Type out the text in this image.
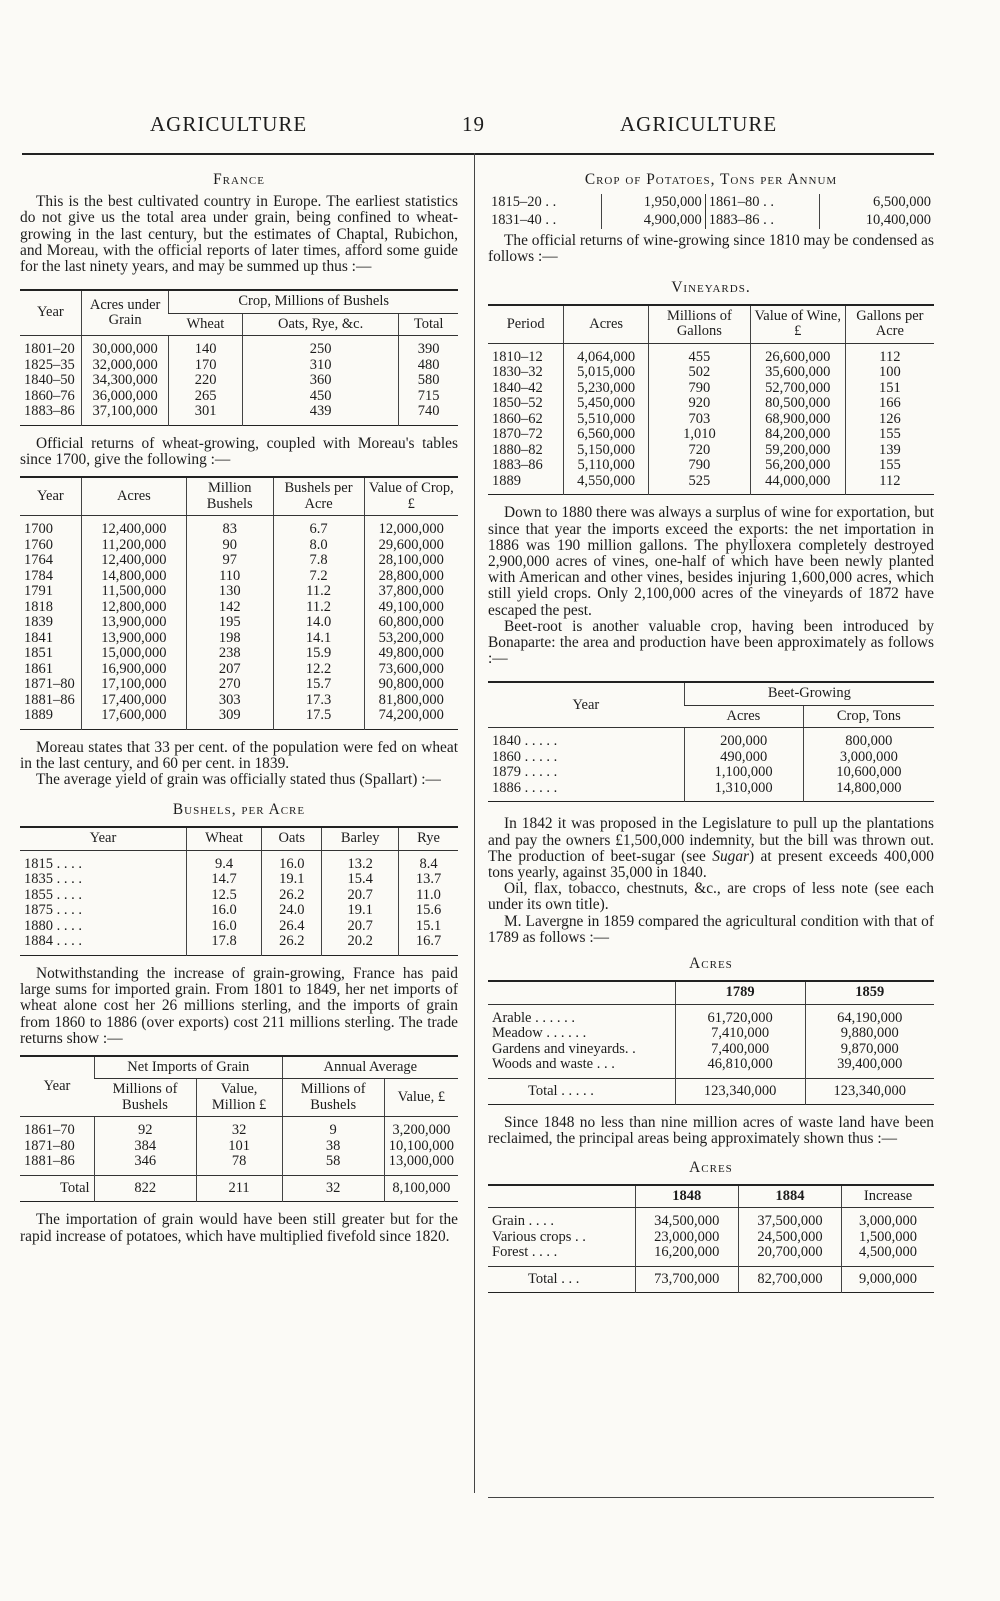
AGRICULTURE	19	AGRICULTURE
France

This is the best cultivated country in Europe. The earliest statistics do not give us the total area under grain, being confined to wheat-growing in the last century, but the estimates of Chaptal, Rubichon, and Moreau, with the official reports of later times, afford some guide for the last ninety years, and may be summed up thus :—

Year	Acres under Grain	Crop, Millions of Bushels		
		Wheat	Oats, Rye, &c.	Total
1801–20	30,000,000	140	250	390
1825–35	32,000,000	170	310	480
1840–50	34,300,000	220	360	580
1860–76	36,000,000	265	450	715
1883–86	37,100,000	301	439	740

Official returns of wheat-growing, coupled with Moreau's tables since 1700, give the following :—

Year	Acres	Million Bushels	Bushels per Acre	Value of Crop, £
1700	12,400,000	83	6.7	12,000,000
1760	11,200,000	90	8.0	29,600,000
1764	12,400,000	97	7.8	28,100,000
1784	14,800,000	110	7.2	28,800,000
1791	11,500,000	130	11.2	37,800,000
1818	12,800,000	142	11.2	49,100,000
1839	13,900,000	195	14.0	60,800,000
1841	13,900,000	198	14.1	53,200,000
1851	15,000,000	238	15.9	49,800,000
1861	16,900,000	207	12.2	73,600,000
1871–80	17,100,000	270	15.7	90,800,000
1881–86	17,400,000	303	17.3	81,800,000
1889	17,600,000	309	17.5	74,200,000

Moreau states that 33 per cent. of the population were fed on wheat in the last century, and 60 per cent. in 1839.

The average yield of grain was officially stated thus (Spallart) :—

Bushels, per Acre
Year	Wheat	Oats	Barley	Rye
1815 . . . .	9.4	16.0	13.2	8.4
1835 . . . .	14.7	19.1	15.4	13.7
1855 . . . .	12.5	26.2	20.7	11.0
1875 . . . .	16.0	24.0	19.1	15.6
1880 . . . .	16.0	26.4	20.7	15.1
1884 . . . .	17.8	26.2	20.2	16.7

Notwithstanding the increase of grain-growing, France has paid large sums for imported grain. From 1801 to 1849, her net imports of wheat alone cost her 26 millions sterling, and the imports of grain from 1860 to 1886 (over exports) cost 211 millions sterling. The trade returns show :—

Year	Net Imports of Grain		Annual Average	
	Millions of Bushels	Value, Million £	Millions of Bushels	Value, £
1861–70	92	32	9	3,200,000
1871–80	384	101	38	10,100,000
1881–86	346	78	58	13,000,000
Total	822	211	32	8,100,000

The importation of grain would have been still greater but for the rapid increase of potatoes, which have multiplied fivefold since 1820.

Crop of Potatoes, Tons per Annum
1815–20 . .	1,950,000	1861–80 . .	6,500,000
1831–40 . .	4,900,000	1883–86 . .	10,400,000

The official returns of wine-growing since 1810 may be condensed as follows :—

Vineyards.
Period	Acres	Millions of Gallons	Value of Wine, £	Gallons per Acre
1810–12	4,064,000	455	26,600,000	112
1830–32	5,015,000	502	35,600,000	100
1840–42	5,230,000	790	52,700,000	151
1850–52	5,450,000	920	80,500,000	166
1860–62	5,510,000	703	68,900,000	126
1870–72	6,560,000	1,010	84,200,000	155
1880–82	5,150,000	720	59,200,000	139
1883–86	5,110,000	790	56,200,000	155
1889	4,550,000	525	44,000,000	112

Down to 1880 there was always a surplus of wine for exportation, but since that year the imports exceed the exports: the net importation in 1886 was 190 million gallons. The phylloxera completely destroyed 2,900,000 acres of vines, one-half of which have been newly planted with American and other vines, besides injuring 1,600,000 acres, which still yield crops. Only 2,100,000 acres of the vineyards of 1872 have escaped the pest.

Beet-root is another valuable crop, having been introduced by Bonaparte: the area and production have been approximately as follows :—

Year	Beet-Growing	
	Acres	Crop, Tons
1840 . . . . .	200,000	800,000
1860 . . . . .	490,000	3,000,000
1879 . . . . .	1,100,000	10,600,000
1886 . . . . .	1,310,000	14,800,000

In 1842 it was proposed in the Legislature to pull up the plantations and pay the owners £1,500,000 indemnity, but the bill was thrown out. The production of beet-sugar (see Sugar) at present exceeds 400,000 tons yearly, against 35,000 in 1840.

Oil, flax, tobacco, chestnuts, &c., are crops of less note (see each under its own title).

M. Lavergne in 1859 compared the agricultural condition with that of 1789 as follows :—

Acres
	1789	1859
Arable . . . . . .	61,720,000	64,190,000
Meadow . . . . . .	7,410,000	9,880,000
Gardens and vineyards. .	7,400,000	9,870,000
Woods and waste . . .	46,810,000	39,400,000
Total . . . . .	123,340,000	123,340,000

Since 1848 no less than nine million acres of waste land have been reclaimed, the principal areas being approximately shown thus :—

Acres
	1848	1884	Increase
Grain . . . .	34,500,000	37,500,000	3,000,000
Various crops . .	23,000,000	24,500,000	1,500,000
Forest . . . .	16,200,000	20,700,000	4,500,000
Total . . .	73,700,000	82,700,000	9,000,000
